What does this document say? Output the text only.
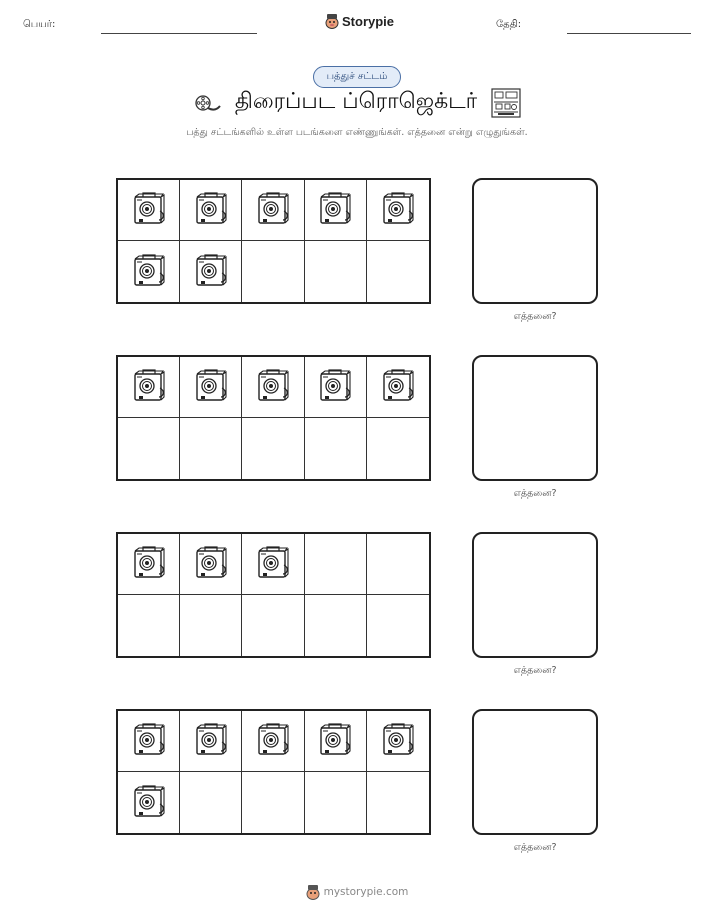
பெயர்:	Storypie	தேதி:
பத்துச் சட்டம்
திரைப்பட ப்ரொஜெக்டர்
பத்து சட்டங்களில் உள்ள படங்களை எண்ணுங்கள். எத்தனை என்று எழுதுங்கள்.
எத்தனை?
எத்தனை?
எத்தனை?
எத்தனை?
mystorypie.com
